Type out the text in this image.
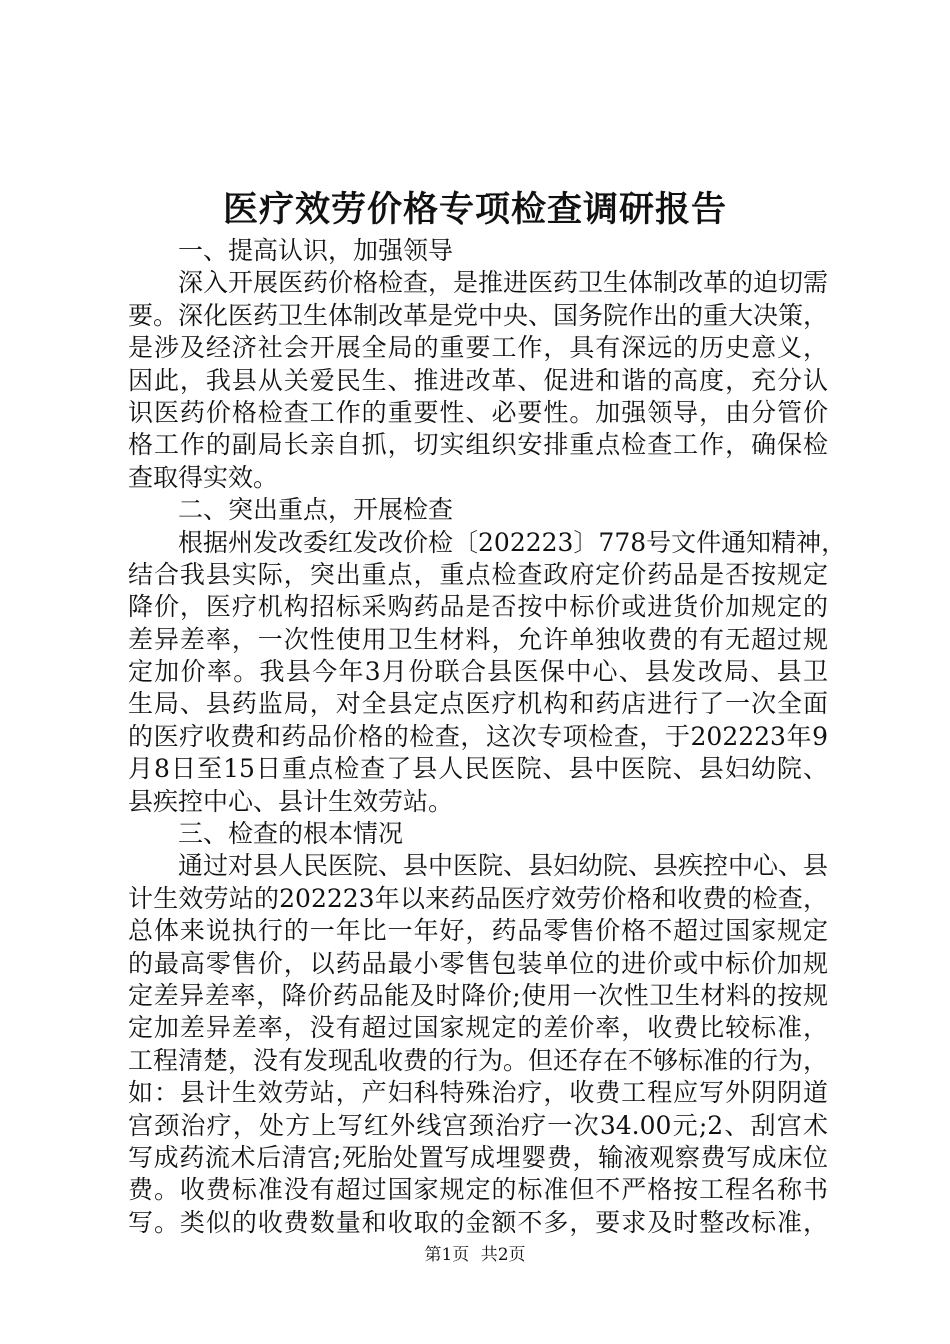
医疗效劳价格专项检查调研报告
一、提高认识，加强领导
深入开展医药价格检查，是推进医药卫生体制改革的迫切需
要。深化医药卫生体制改革是党中央、国务院作出的重大决策，
是涉及经济社会开展全局的重要工作，具有深远的历史意义，
因此，我县从关爱民生、推进改革、促进和谐的高度，充分认
识医药价格检查工作的重要性、必要性。加强领导，由分管价
格工作的副局长亲自抓，切实组织安排重点检查工作，确保检
查取得实效。
二、突出重点，开展检查
根据州发改委红发改价检〔202223〕778号文件通知精神，
结合我县实际，突出重点，重点检查政府定价药品是否按规定
降价，医疗机构招标采购药品是否按中标价或进货价加规定的
差异差率，一次性使用卫生材料，允许单独收费的有无超过规
定加价率。我县今年3月份联合县医保中心、县发改局、县卫
生局、县药监局，对全县定点医疗机构和药店进行了一次全面
的医疗收费和药品价格的检查，这次专项检查，于202223年9
月8日至15日重点检查了县人民医院、县中医院、县妇幼院、
县疾控中心、县计生效劳站。
三、检查的根本情况
通过对县人民医院、县中医院、县妇幼院、县疾控中心、县
计生效劳站的202223年以来药品医疗效劳价格和收费的检查，
总体来说执行的一年比一年好，药品零售价格不超过国家规定
的最高零售价，以药品最小零售包装单位的进价或中标价加规
定差异差率，降价药品能及时降价;使用一次性卫生材料的按规
定加差异差率，没有超过国家规定的差价率，收费比较标准，
工程清楚，没有发现乱收费的行为。但还存在不够标准的行为，
如：县计生效劳站，产妇科特殊治疗，收费工程应写外阴阴道
宫颈治疗，处方上写红外线宫颈治疗一次34.00元;2、刮宫术
写成药流术后清宫;死胎处置写成埋婴费，输液观察费写成床位
费。收费标准没有超过国家规定的标准但不严格按工程名称书
写。类似的收费数量和收取的金额不多，要求及时整改标准，
第1页 共2页
